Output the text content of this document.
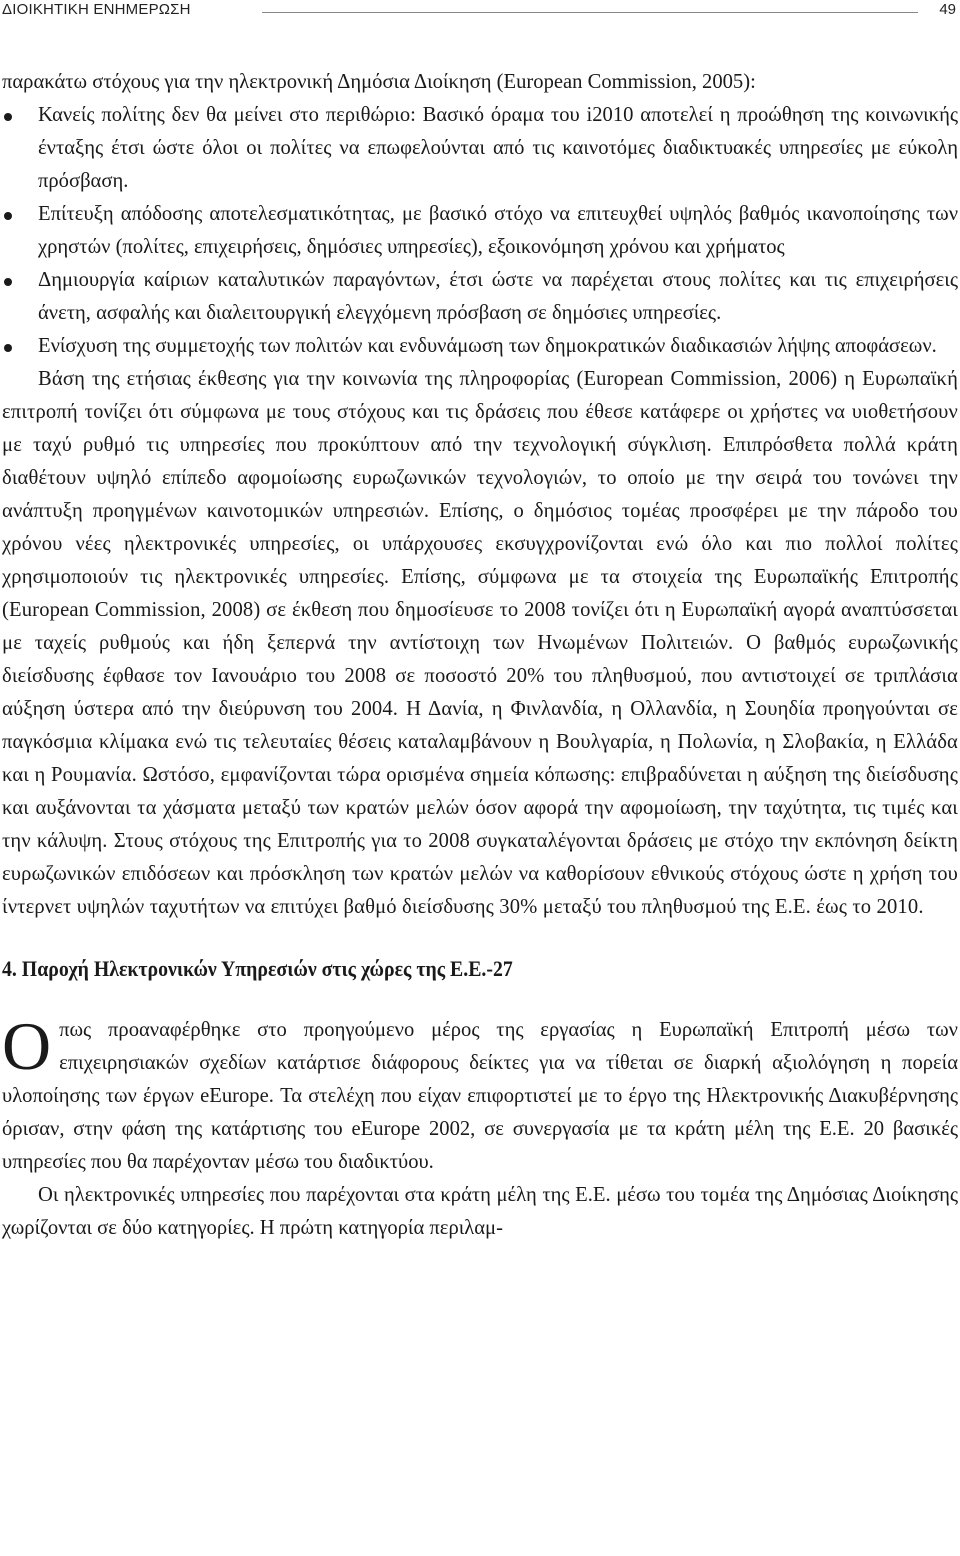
ΔΙΟΙΚΗΤΙΚΗ ΕΝΗΜΕΡΩΣΗ	49

παρακάτω στόχους για την ηλεκτρονική Δημόσια Διοίκηση (European Commission, 2005):

Κανείς πολίτης δεν θα μείνει στο περιθώριο: Βασικό όραμα του i2010 αποτελεί η προώθηση της κοινωνικής ένταξης έτσι ώστε όλοι οι πολίτες να επωφελούνται από τις καινοτόμες διαδικτυακές υπηρεσίες με εύκολη πρόσβαση.
Επίτευξη απόδοσης αποτελεσματικότητας, με βασικό στόχο να επιτευχθεί υψηλός βαθμός ικανοποίησης των χρηστών (πολίτες, επιχειρήσεις, δημόσιες υπηρεσίες), εξοικονόμηση χρόνου και χρήματος
Δημιουργία καίριων καταλυτικών παραγόντων, έτσι ώστε να παρέχεται στους πολίτες και τις επιχειρήσεις άνετη, ασφαλής και διαλειτουργική ελεγχόμενη πρόσβαση σε δημόσιες υπηρεσίες.
Ενίσχυση της συμμετοχής των πολιτών και ενδυνάμωση των δημοκρατικών διαδικασιών λήψης αποφάσεων.

Βάση της ετήσιας έκθεσης για την κοινωνία της πληροφορίας (European Commission, 2006) η Ευρωπαϊκή επιτροπή τονίζει ότι σύμφωνα με τους στόχους και τις δράσεις που έθεσε κατάφερε οι χρήστες να υιοθετήσουν με ταχύ ρυθμό τις υπηρεσίες που προκύπτουν από την τεχνολογική σύγκλιση. Επιπρόσθετα πολλά κράτη διαθέτουν υψηλό επίπεδο αφομοίωσης ευρωζωνικών τεχνολογιών, το οποίο με την σειρά του τονώνει την ανάπτυξη προηγμένων καινοτομικών υπηρεσιών. Επίσης, ο δημόσιος τομέας προσφέρει με την πάροδο του χρόνου νέες ηλεκτρονικές υπηρεσίες, οι υπάρχουσες εκσυγχρονίζονται ενώ όλο και πιο πολλοί πολίτες χρησιμοποιούν τις ηλεκτρονικές υπηρεσίες. Επίσης, σύμφωνα με τα στοιχεία της Ευρωπαϊκής Επιτροπής (European Commission, 2008) σε έκθεση που δημοσίευσε το 2008 τονίζει ότι η Ευρωπαϊκή αγορά αναπτύσσεται με ταχείς ρυθμούς και ήδη ξεπερνά την αντίστοιχη των Ηνωμένων Πολιτειών. Ο βαθμός ευρωζωνικής διείσδυσης έφθασε τον Ιανουάριο του 2008 σε ποσοστό 20% του πληθυσμού, που αντιστοιχεί σε τριπλάσια αύξηση ύστερα από την διεύρυνση του 2004. Η Δανία, η Φινλανδία, η Ολλανδία, η Σουηδία προηγούνται σε παγκόσμια κλίμακα ενώ τις τελευταίες θέσεις καταλαμβάνουν η Βουλγαρία, η Πολωνία, η Σλοβακία, η Ελλάδα και η Ρουμανία. Ωστόσο, εμφανίζονται τώρα ορισμένα σημεία κόπωσης: επιβραδύνεται η αύξηση της διείσδυσης και αυξάνονται τα χάσματα μεταξύ των κρατών μελών όσον αφορά την αφομοίωση, την ταχύτητα, τις τιμές και την κάλυψη. Στους στόχους της Επιτροπής για το 2008 συγκαταλέγονται δράσεις με στόχο την εκπόνηση δείκτη ευρωζωνικών επιδόσεων και πρόσκληση των κρατών μελών να καθορίσουν εθνικούς στόχους ώστε η χρήση του ίντερνετ υψηλών ταχυτήτων να επιτύχει βαθμό διείσδυσης 30% μεταξύ του πληθυσμού της Ε.Ε. έως το 2010.

4. Παροχή Ηλεκτρονικών Υπηρεσιών στις χώρες της Ε.Ε.-27
Ο πως προαναφέρθηκε στο προηγούμενο μέρος της εργασίας η Ευρωπαϊκή Επιτροπή μέσω των επιχειρησιακών σχεδίων κατάρτισε διάφορους δείκτες για να τίθεται σε διαρκή αξιολόγηση η πορεία υλοποίησης των έργων eEurope. Τα στελέχη που είχαν επιφορτιστεί με το έργο της Ηλεκτρονικής Διακυβέρνησης όρισαν, στην φάση της κατάρτισης του eEurope 2002, σε συνεργασία με τα κράτη μέλη της Ε.Ε. 20 βασικές υπηρεσίες που θα παρέχονταν μέσω του διαδικτύου.

Οι ηλεκτρονικές υπηρεσίες που παρέχονται στα κράτη μέλη της Ε.Ε. μέσω του τομέα της Δημόσιας Διοίκησης χωρίζονται σε δύο κατηγορίες. Η πρώτη κατηγορία περιλαμ-
